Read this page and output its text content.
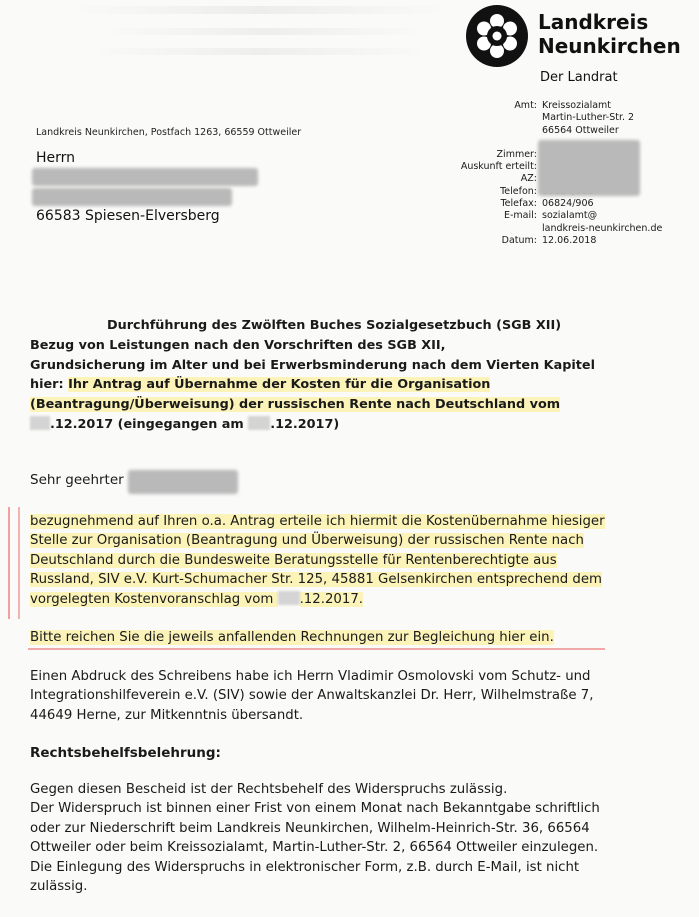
Landkreis
Neunkirchen
Der Landrat
Landkreis Neunkirchen, Postfach 1263, 66559 Ottweiler
Herrn
66583 Spiesen-Elversberg
Amt: Kreissozialamt
Martin-Luther-Str. 2
66564 Ottweiler
Zimmer:
Auskunft erteilt:
AZ:
Telefon:
Telefax: 06824/906
E-mail: sozialamt@
landkreis-neunkirchen.de
Datum: 12.06.2018
Durchführung des Zwölften Buches Sozialgesetzbuch (SGB XII)
Bezug von Leistungen nach den Vorschriften des SGB XII,
Grundsicherung im Alter und bei Erwerbsminderung nach dem Vierten Kapitel
hier: Ihr Antrag auf Übernahme der Kosten für die Organisation
(Beantragung/Überweisung) der russischen Rente nach Deutschland vom
.12.2017 (eingegangen am .12.2017)
Sehr geehrter
bezugnehmend auf Ihren o.a. Antrag erteile ich hiermit die Kostenübernahme hiesiger
Stelle zur Organisation (Beantragung und Überweisung) der russischen Rente nach
Deutschland durch die Bundesweite Beratungsstelle für Rentenberechtigte aus
Russland, SIV e.V. Kurt-Schumacher Str. 125, 45881 Gelsenkirchen entsprechend dem
vorgelegten Kostenvoranschlag vom .12.2017.
Bitte reichen Sie die jeweils anfallenden Rechnungen zur Begleichung hier ein.
Einen Abdruck des Schreibens habe ich Herrn Vladimir Osmolovski vom Schutz- und
Integrationshilfeverein e.V. (SIV) sowie der Anwaltskanzlei Dr. Herr, Wilhelmstraße 7,
44649 Herne, zur Mitkenntnis übersandt.
Rechtsbehelfsbelehrung:
Gegen diesen Bescheid ist der Rechtsbehelf des Widerspruchs zulässig.
Der Widerspruch ist binnen einer Frist von einem Monat nach Bekanntgabe schriftlich
oder zur Niederschrift beim Landkreis Neunkirchen, Wilhelm-Heinrich-Str. 36, 66564
Ottweiler oder beim Kreissozialamt, Martin-Luther-Str. 2, 66564 Ottweiler einzulegen.
Die Einlegung des Widerspruchs in elektronischer Form, z.B. durch E-Mail, ist nicht
zulässig.
